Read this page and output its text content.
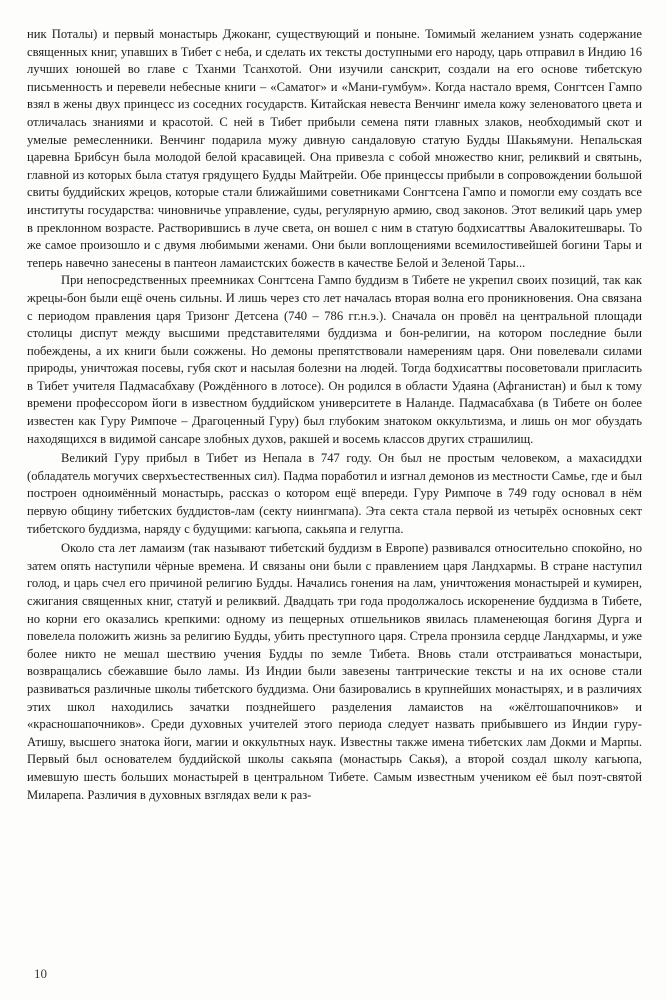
ник Поталы) и первый монастырь Джоканг, существующий и поныне. Томимый желанием узнать содержание священных книг, упавших в Тибет с неба, и сделать их тексты доступными его народу, царь отправил в Индию 16 лучших юношей во главе с Тханми Тсанхотой. Они изучили санскрит, создали на его основе тибетскую письменность и перевели небесные книги – «Саматог» и «Мани-гумбум». Когда настало время, Сонгтсен Гампо взял в жены двух принцесс из соседних государств. Китайская невеста Венчинг имела кожу зеленоватого цвета и отличалась знаниями и красотой. С ней в Тибет прибыли семена пяти главных злаков, необходимый скот и умелые ремесленники. Венчинг подарила мужу дивную сандаловую статую Будды Шакьямуни. Непальская царевна Брибсун была молодой белой красавицей. Она привезла с собой множество книг, реликвий и святынь, главной из которых была статуя грядущего Будды Майтрейи. Обе принцессы прибыли в сопровождении большой свиты буддийских жрецов, которые стали ближайшими советниками Сонгтсена Гампо и помогли ему создать все институты государства: чиновничье управление, суды, регулярную армию, свод законов. Этот великий царь умер в преклонном возрасте. Растворившись в луче света, он вошел с ним в статую бодхисаттвы Авалокитешвары. То же самое произошло и с двумя любимыми женами. Они были воплощениями всемилостивейшей богини Тары и теперь навечно занесены в пантеон ламаистских божеств в качестве Белой и Зеленой Тары...

При непосредственных преемниках Сонгтсена Гампо буддизм в Тибете не укрепил своих позиций, так как жрецы-бон были ещё очень сильны. И лишь через сто лет началась вторая волна его проникновения. Она связана с периодом правления царя Тризонг Детсена (740 – 786 гг.н.э.). Сначала он провёл на центральной площади столицы диспут между высшими представителями буддизма и бон-религии, на котором последние были побеждены, а их книги были сожжены. Но демоны препятствовали намерениям царя. Они повелевали силами природы, уничтожая посевы, губя скот и насылая болезни на людей. Тогда бодхисаттвы посоветовали пригласить в Тибет учителя Падмасабхаву (Рождённого в лотосе). Он родился в области Удаяна (Афганистан) и был к тому времени профессором йоги в известном буддийском университете в Наланде. Падмасабхава (в Тибете он более известен как Гуру Римпоче – Драгоценный Гуру) был глубоким знатоком оккультизма, и лишь он мог обуздать находящихся в видимой сансаре злобных духов, ракшей и восемь классов других страшилищ.

Великий Гуру прибыл в Тибет из Непала в 747 году. Он был не простым человеком, а махасиддхи (обладатель могучих сверхъестественных сил). Падма поработил и изгнал демонов из местности Самье, где и был построен одноимённый монастырь, рассказ о котором ещё впереди. Гуру Римпоче в 749 году основал в нём первую общину тибетских буддистов-лам (секту ниингмапа). Эта секта стала первой из четырёх основных сект тибетского буддизма, наряду с будущими: кагьюпа, сакьяпа и гелугпа.

Около ста лет ламаизм (так называют тибетский буддизм в Европе) развивался относительно спокойно, но затем опять наступили чёрные времена. И связаны они были с правлением царя Ландхармы. В стране наступил голод, и царь счел его причиной религию Будды. Начались гонения на лам, уничтожения монастырей и кумирен, сжигания священных книг, статуй и реликвий. Двадцать три года продолжалось искоренение буддизма в Тибете, но корни его оказались крепкими: одному из пещерных отшельников явилась пламенеющая богиня Дурга и повелела положить жизнь за религию Будды, убить преступного царя. Стрела пронзила сердце Ландхармы, и уже более никто не мешал шествию учения Будды по земле Тибета. Вновь стали отстраиваться монастыри, возвращались сбежавшие было ламы. Из Индии были завезены тантрические тексты и на их основе стали развиваться различные школы тибетского буддизма. Они базировались в крупнейших монастырях, и в различиях этих школ находились зачатки позднейшего разделения ламаистов на «жёлтошапочников» и «красношапочников». Среди духовных учителей этого периода следует назвать прибывшего из Индии гуру-Атишу, высшего знатока йоги, магии и оккультных наук. Известны также имена тибетских лам Докми и Марпы. Первый был основателем буддийской школы сакьяпа (монастырь Сакья), а второй создал школу кагьюпа, имевшую шесть больших монастырей в центральном Тибете. Самым известным учеником её был поэт-святой Миларепа. Различия в духовных взглядах вели к раз-

10
